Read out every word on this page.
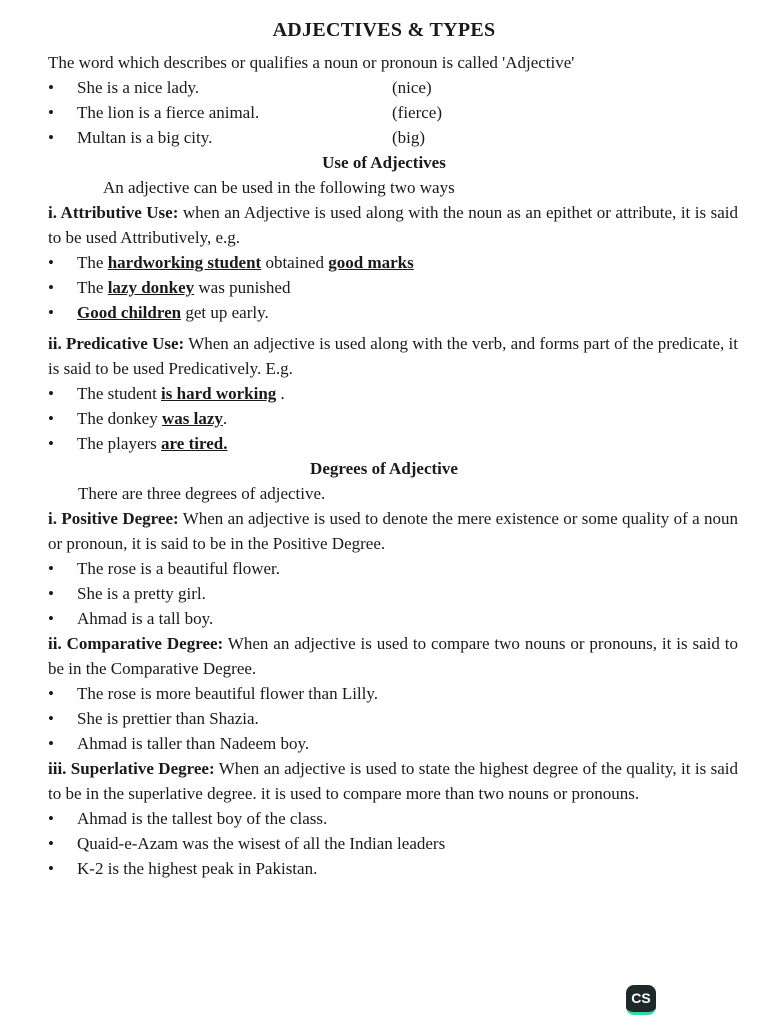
ADJECTIVES & TYPES
The word which describes or qualifies a noun or pronoun is called 'Adjective'
• She is a nice lady.	(nice)
• The lion is a fierce animal.	(fierce)
• Multan is a big city.	(big)
Use of Adjectives
An adjective can be used in the following two ways
i. Attributive Use: when an Adjective is used along with the noun as an epithet or attribute, it is said to be used Attributively, e.g.
• The hardworking student obtained good marks
• The lazy donkey was punished
• Good children get up early.
ii. Predicative Use: When an adjective is used along with the verb, and forms part of the predicate, it is said to be used Predicatively. E.g.
• The student is hard working .
• The donkey was lazy.
• The players are tired.
Degrees of Adjective
There are three degrees of adjective.
i. Positive Degree: When an adjective is used to denote the mere existence or some quality of a noun or pronoun, it is said to be in the Positive Degree.
• The rose is a beautiful flower.
• She is a pretty girl.
• Ahmad is a tall boy.
ii. Comparative Degree: When an adjective is used to compare two nouns or pronouns, it is said to be in the Comparative Degree.
• The rose is more beautiful flower than Lilly.
• She is prettier than Shazia.
• Ahmad is taller than Nadeem boy.
iii. Superlative Degree: When an adjective is used to state the highest degree of the quality, it is said to be in the superlative degree. it is used to compare more than two nouns or pronouns.
• Ahmad is the tallest boy of the class.
• Quaid-e-Azam was the wisest of all the Indian leaders
• K-2 is the highest peak in Pakistan.
CS
